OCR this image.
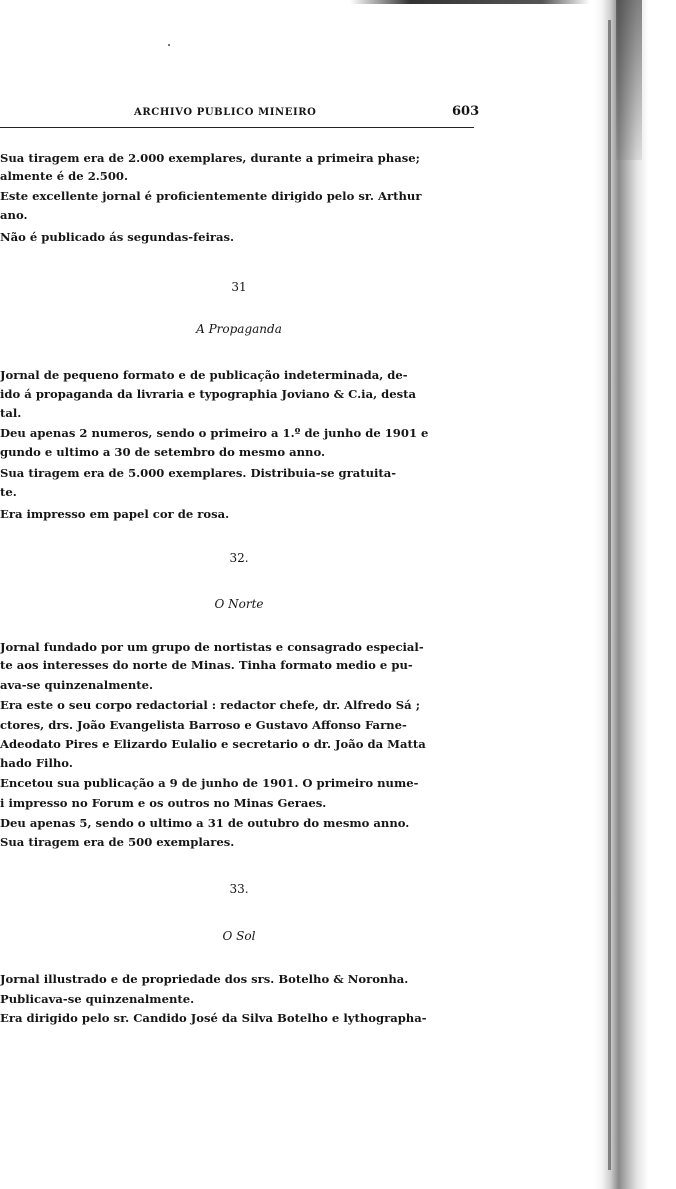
ARCHIVO PUBLICO MINEIRO	603
Sua tiragem era de 2.000 exemplares, durante a primeira phase;
almente é de 2.500.
Este excellente jornal é proficientemente dirigido pelo sr. Arthur
ano.
Não é publicado ás segundas-feiras.
31
A Propaganda
Jornal de pequeno formato e de publicação indeterminada, de-
ido á propaganda da livraria e typographia Joviano & C.ia, desta
tal.
Deu apenas 2 numeros, sendo o primeiro a 1.º de junho de 1901 e
gundo e ultimo a 30 de setembro do mesmo anno.
Sua tiragem era de 5.000 exemplares. Distribuia-se gratuita-
te.
Era impresso em papel cor de rosa.
32.
O Norte
Jornal fundado por um grupo de nortistas e consagrado especial-
te aos interesses do norte de Minas. Tinha formato medio e pu-
ava-se quinzenalmente.
Era este o seu corpo redactorial : redactor chefe, dr. Alfredo Sá ;
ctores, drs. João Evangelista Barroso e Gustavo Affonso Farne-
Adeodato Pires e Elizardo Eulalio e secretario o dr. João da Matta
hado Filho.
Encetou sua publicação a 9 de junho de 1901. O primeiro nume-
i impresso no Forum e os outros no Minas Geraes.
Deu apenas 5, sendo o ultimo a 31 de outubro do mesmo anno.
Sua tiragem era de 500 exemplares.
33.
O Sol
Jornal illustrado e de propriedade dos srs. Botelho & Noronha.
Publicava-se quinzenalmente.
Era dirigido pelo sr. Candido José da Silva Botelho e lythographa-
